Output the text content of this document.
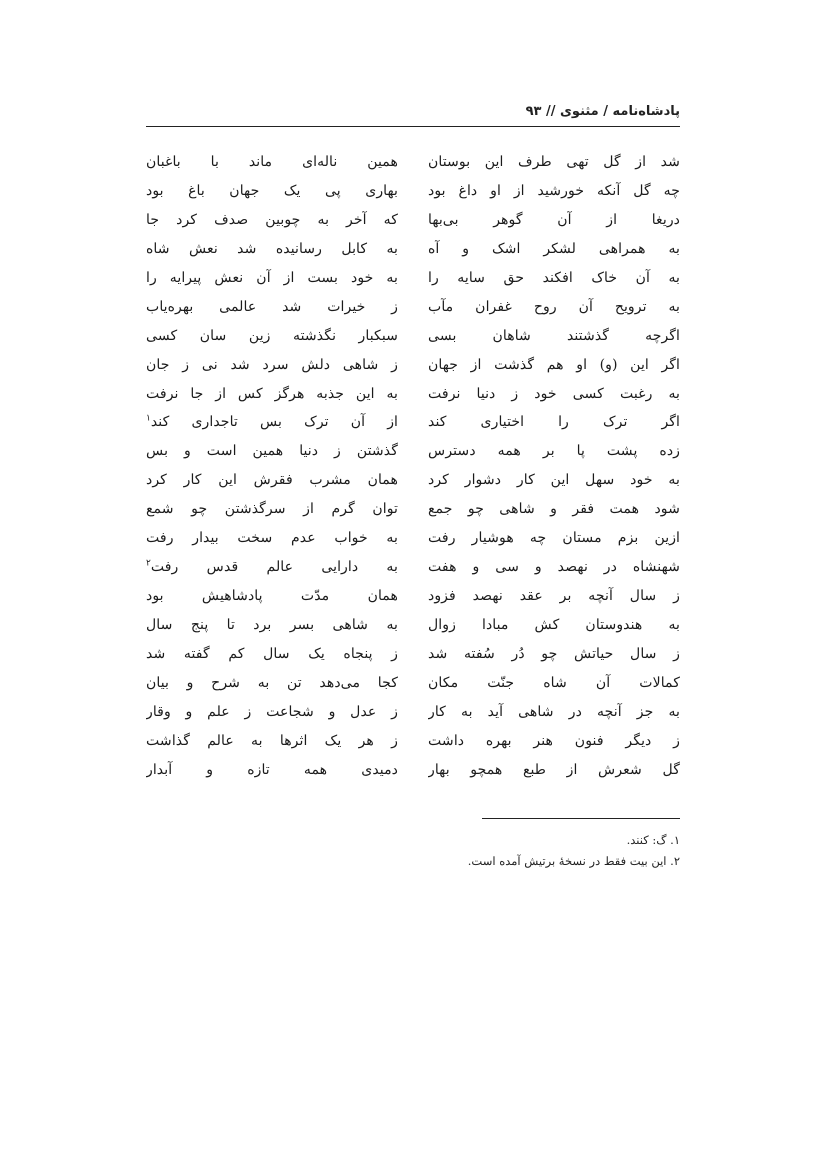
پادشاه‌نامه / مثنوی // ۹۳
شد از گل تهی طرف این بوستان
همین ناله‌ای ماند با باغبان
چه گل آنکه خورشید از او داغ بود
بهاری پی یک جهان باغ بود
دریغا از آن گوهر بی‌بها
که آخر به چوبین صدف کرد جا
به همراهی لشکر اشک و آه
به کابل رسانیده شد نعش شاه
به آن خاک افکند حق سایه را
به خود بست از آن نعش پیرایه را
به ترویح آن روح غفران مآب
ز خیرات شد عالمی بهره‌یاب
اگرچه گذشتند شاهان بسی
سبکبار نگذشته زین سان کسی
اگر این (و) او هم گذشت از جهان
ز شاهی دلش سرد شد نی ز جان
به رغبت کسی خود ز دنیا نرفت
به این جذبه هرگز کس از جا نرفت
اگر ترک را اختیاری کند
از آن ترک بس تاجداری کند$^۱$
زده پشت پا بر همه دسترس
گذشتن ز دنیا همین است و بس
به خود سهل این کار دشوار کرد
همان مشرب فقرش این کار کرد
شود همت فقر و شاهی چو جمع
توان گرم از سرگذشتن چو شمع
ازین بزم مستان چه هوشیار رفت
به خواب عدم سخت بیدار رفت
شهنشاه در نهصد و سی و هفت
به دارایی عالم قدس رفت$^۲$
ز سال آنچه بر عقد نهصد فزود
همان مدّت پادشاهیش بود
به هندوستان کش مبادا زوال
به شاهی بسر برد تا پنج سال
ز سال حیاتش چو دُر سُفته شد
ز پنجاه یک سال کم گفته شد
کمالات آن شاه جنّت مکان
کجا می‌دهد تن به شرح و بیان
به جز آنچه در شاهی آید به کار
ز عدل و شجاعت ز علم و وقار
ز دیگر فنون هنر بهره داشت
ز هر یک اثرها به عالم گذاشت
گل شعرش از طبع همچو بهار
دمیدی همه تازه و آبدار
۱. گ: کنند.
۲. این بیت فقط در نسخهٔ برتیش آمده است.
